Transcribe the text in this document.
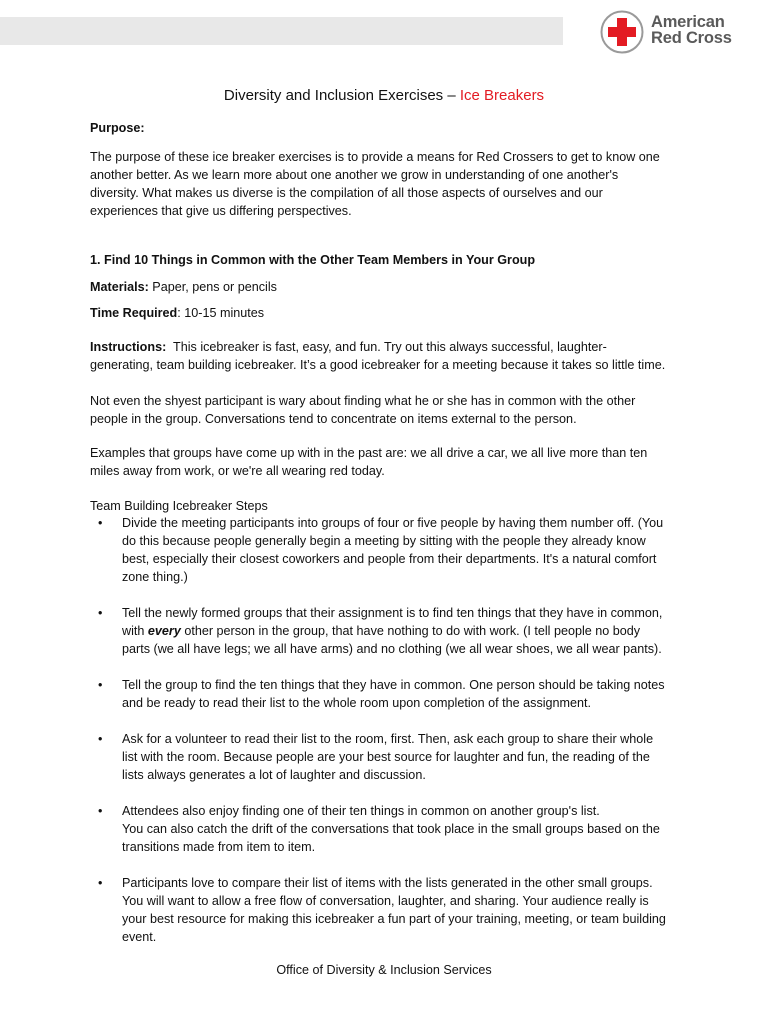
American
Red Cross
Diversity and Inclusion Exercises – Ice Breakers
Purpose:
The purpose of these ice breaker exercises is to provide a means for Red Crossers to get to know one
another better. As we learn more about one another we grow in understanding of one another's
diversity. What makes us diverse is the compilation of all those aspects of ourselves and our
experiences that give us differing perspectives.
1. Find 10 Things in Common with the Other Team Members in Your Group
Materials: Paper, pens or pencils
Time Required: 10-15 minutes
Instructions:  This icebreaker is fast, easy, and fun. Try out this always successful, laughter-
generating, team building icebreaker. It’s a good icebreaker for a meeting because it takes so little time.
Not even the shyest participant is wary about finding what he or she has in common with the other
people in the group. Conversations tend to concentrate on items external to the person.
Examples that groups have come up with in the past are: we all drive a car, we all live more than ten
miles away from work, or we're all wearing red today.
Team Building Icebreaker Steps
• Divide the meeting participants into groups of four or five people by having them number off. (You
do this because people generally begin a meeting by sitting with the people they already know
best, especially their closest coworkers and people from their departments. It's a natural comfort
zone thing.)
• Tell the newly formed groups that their assignment is to find ten things that they have in common,
with every other person in the group, that have nothing to do with work. (I tell people no body
parts (we all have legs; we all have arms) and no clothing (we all wear shoes, we all wear pants).
• Tell the group to find the ten things that they have in common. One person should be taking notes
and be ready to read their list to the whole room upon completion of the assignment.
• Ask for a volunteer to read their list to the room, first. Then, ask each group to share their whole
list with the room. Because people are your best source for laughter and fun, the reading of the
lists always generates a lot of laughter and discussion.
• Attendees also enjoy finding one of their ten things in common on another group's list.
You can also catch the drift of the conversations that took place in the small groups based on the
transitions made from item to item.
• Participants love to compare their list of items with the lists generated in the other small groups.
You will want to allow a free flow of conversation, laughter, and sharing. Your audience really is
your best resource for making this icebreaker a fun part of your training, meeting, or team building
event.
Office of Diversity & Inclusion Services
